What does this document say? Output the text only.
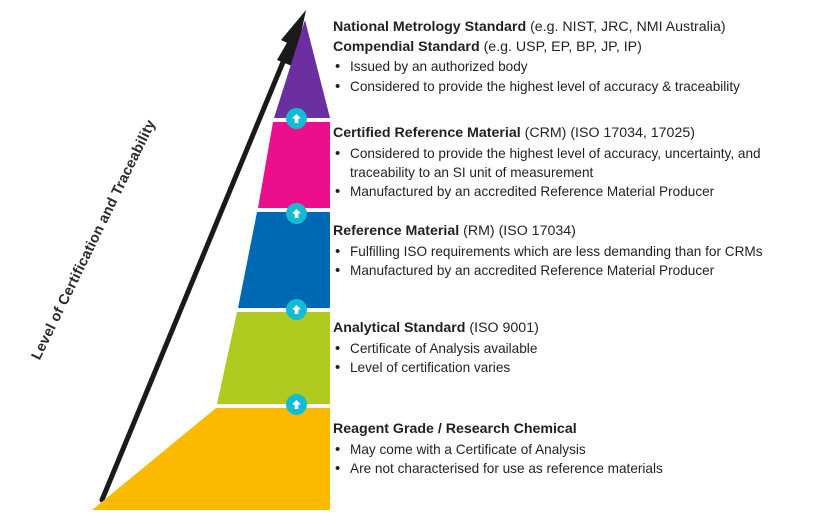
Level of Certification and Traceability
National Metrology Standard (e.g. NIST, JRC, NMI Australia)
Compendial Standard (e.g. USP, EP, BP, JP, IP)
• Issued by an authorized body
• Considered to provide the highest level of accuracy & traceability
Certified Reference Material (CRM) (ISO 17034, 17025)
• Considered to provide the highest level of accuracy, uncertainty, and traceability to an SI unit of measurement
• Manufactured by an accredited Reference Material Producer
Reference Material (RM) (ISO 17034)
• Fulfilling ISO requirements which are less demanding than for CRMs
• Manufactured by an accredited Reference Material Producer
Analytical Standard (ISO 9001)
• Certificate of Analysis available
• Level of certification varies
Reagent Grade / Research Chemical
• May come with a Certificate of Analysis
• Are not characterised for use as reference materials
